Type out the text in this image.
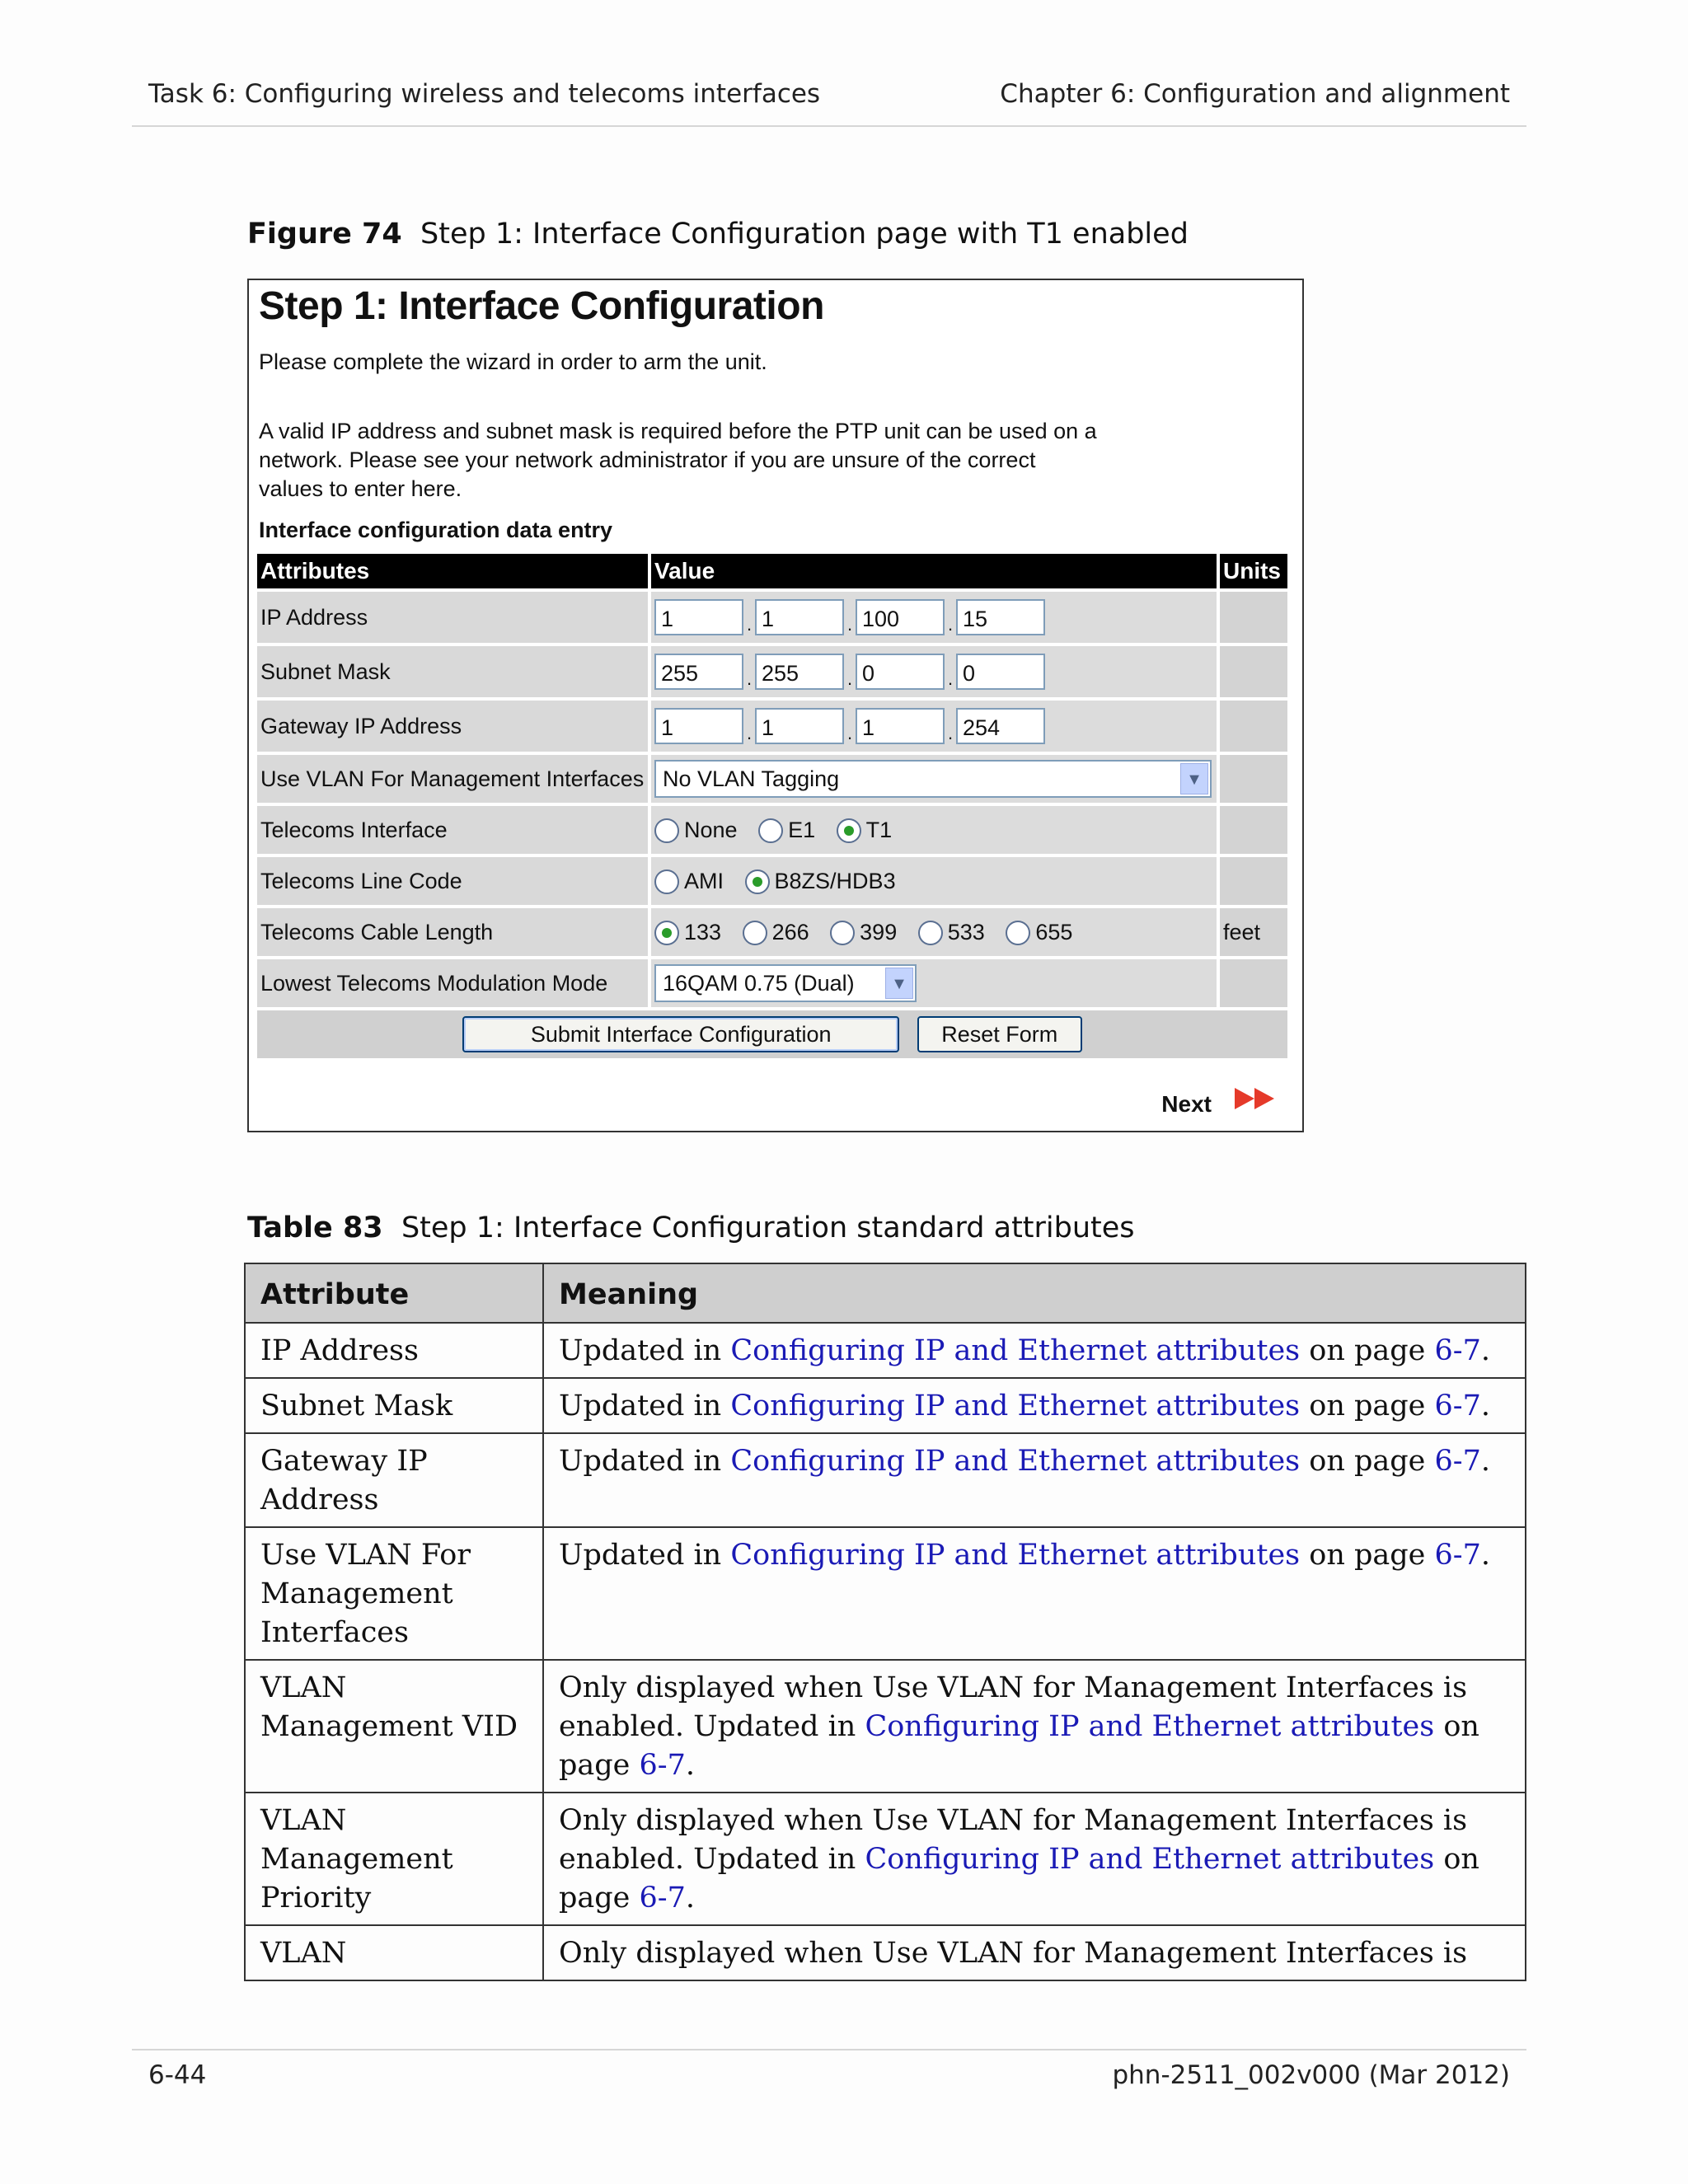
Task 6: Configuring wireless and telecoms interfaces	Chapter 6: Configuration and alignment
Figure 74 Step 1: Interface Configuration page with T1 enabled
Step 1: Interface Configuration
Please complete the wizard in order to arm the unit.
A valid IP address and subnet mask is required before the PTP unit can be used on a network. Please see your network administrator if you are unsure of the correct values to enter here.
Interface configuration data entry
Attributes	Value	Units
IP Address	1 . 1 . 100 . 15	
Subnet Mask	255 . 255 . 0 . 0	
Gateway IP Address	1 . 1 . 1 . 254	
Use VLAN For Management Interfaces	No VLAN Tagging ▼	

Telecoms Interface	None E1 T1	
Telecoms Line Code	AMI B8ZS/HDB3	
Telecoms Cable Length	133 266 399 533 655	feet
Lowest Telecoms Modulation Mode	16QAM 0.75 (Dual) ▼	

Submit Interface Configuration Reset Form		
Next
Table 83 Step 1: Interface Configuration standard attributes
Attribute	Meaning
IP Address	Updated in Configuring IP and Ethernet attributes on page 6-7.
Subnet Mask	Updated in Configuring IP and Ethernet attributes on page 6-7.
Gateway IP Address	Updated in Configuring IP and Ethernet attributes on page 6-7.
Use VLAN For Management Interfaces	Updated in Configuring IP and Ethernet attributes on page 6-7.
VLAN Management VID	Only displayed when Use VLAN for Management Interfaces is enabled. Updated in Configuring IP and Ethernet attributes on page 6-7.
VLAN Management Priority	Only displayed when Use VLAN for Management Interfaces is enabled. Updated in Configuring IP and Ethernet attributes on page 6-7.
VLAN	Only displayed when Use VLAN for Management Interfaces is
6-44	phn-2511_002v000 (Mar 2012)
